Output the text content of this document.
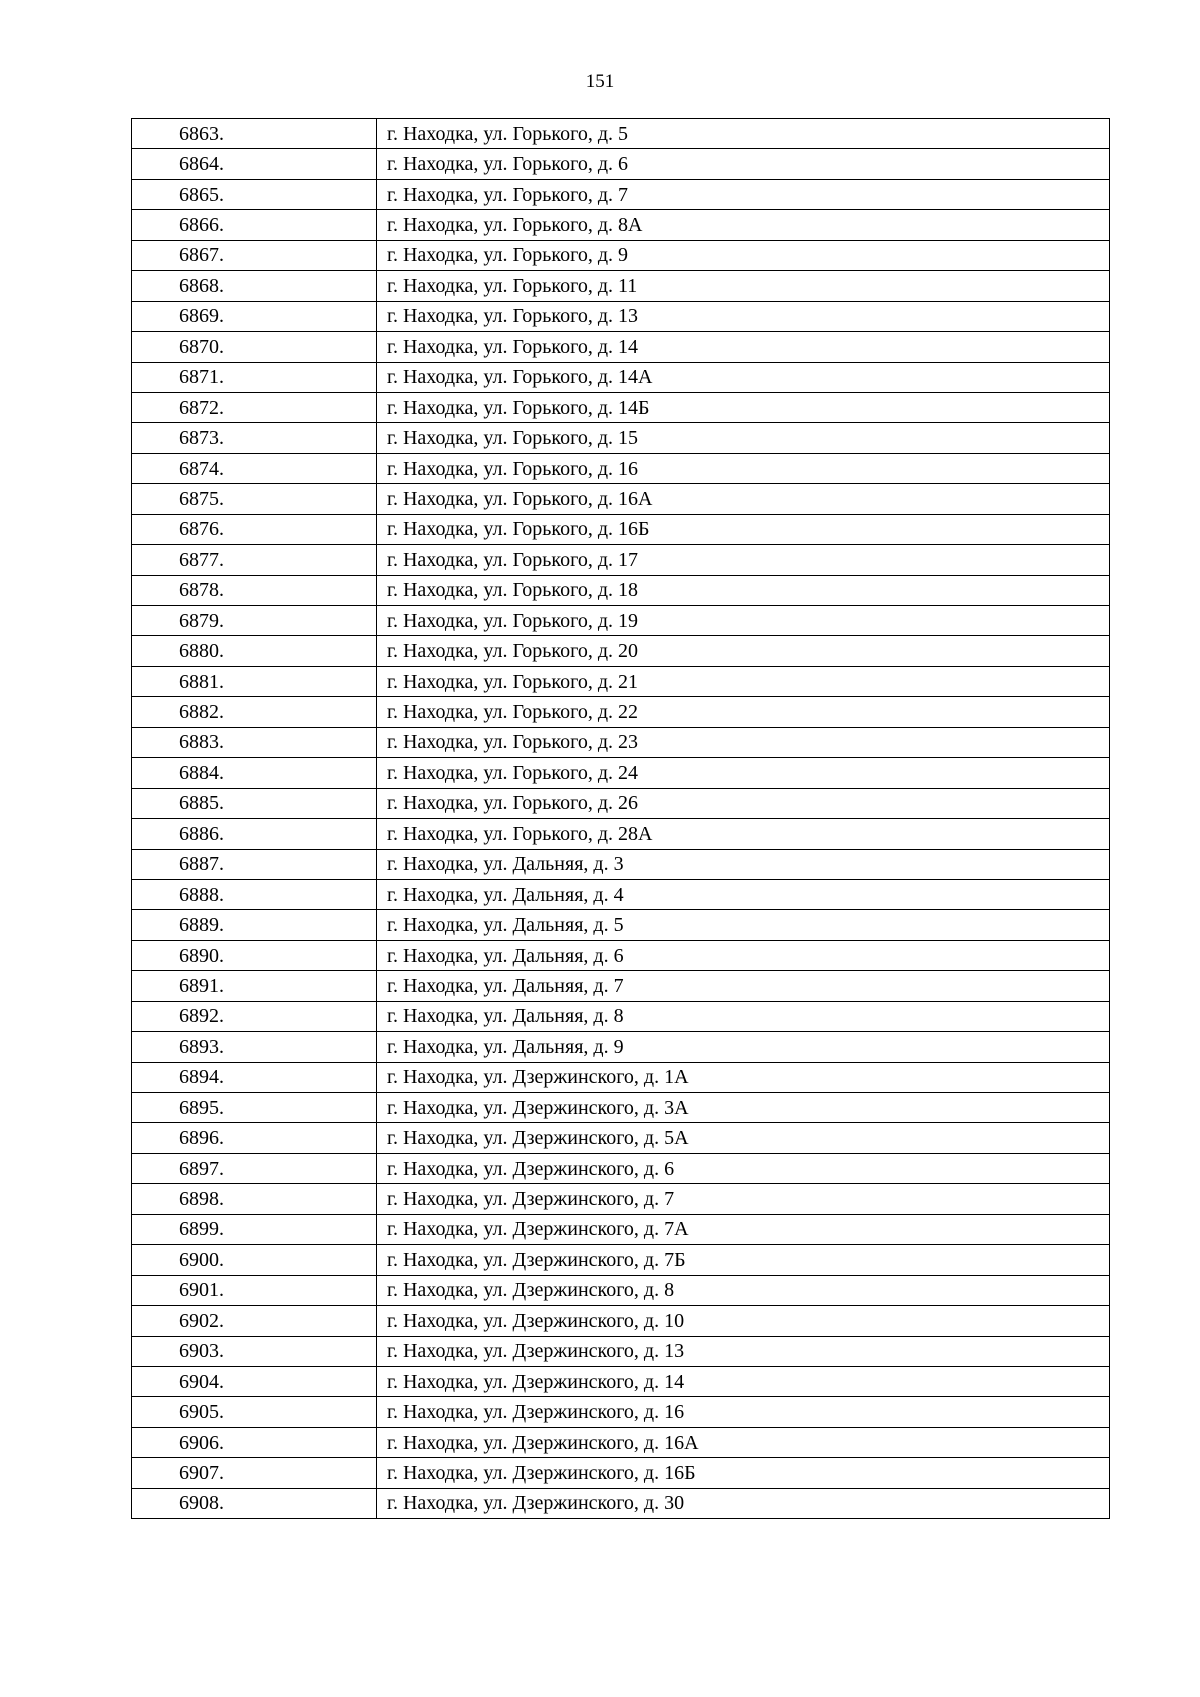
151
6863.	г. Находка, ул. Горького, д. 5
6864.	г. Находка, ул. Горького, д. 6
6865.	г. Находка, ул. Горького, д. 7
6866.	г. Находка, ул. Горького, д. 8А
6867.	г. Находка, ул. Горького, д. 9
6868.	г. Находка, ул. Горького, д. 11
6869.	г. Находка, ул. Горького, д. 13
6870.	г. Находка, ул. Горького, д. 14
6871.	г. Находка, ул. Горького, д. 14А
6872.	г. Находка, ул. Горького, д. 14Б
6873.	г. Находка, ул. Горького, д. 15
6874.	г. Находка, ул. Горького, д. 16
6875.	г. Находка, ул. Горького, д. 16А
6876.	г. Находка, ул. Горького, д. 16Б
6877.	г. Находка, ул. Горького, д. 17
6878.	г. Находка, ул. Горького, д. 18
6879.	г. Находка, ул. Горького, д. 19
6880.	г. Находка, ул. Горького, д. 20
6881.	г. Находка, ул. Горького, д. 21
6882.	г. Находка, ул. Горького, д. 22
6883.	г. Находка, ул. Горького, д. 23
6884.	г. Находка, ул. Горького, д. 24
6885.	г. Находка, ул. Горького, д. 26
6886.	г. Находка, ул. Горького, д. 28А
6887.	г. Находка, ул. Дальняя, д. 3
6888.	г. Находка, ул. Дальняя, д. 4
6889.	г. Находка, ул. Дальняя, д. 5
6890.	г. Находка, ул. Дальняя, д. 6
6891.	г. Находка, ул. Дальняя, д. 7
6892.	г. Находка, ул. Дальняя, д. 8
6893.	г. Находка, ул. Дальняя, д. 9
6894.	г. Находка, ул. Дзержинского, д. 1А
6895.	г. Находка, ул. Дзержинского, д. 3А
6896.	г. Находка, ул. Дзержинского, д. 5А
6897.	г. Находка, ул. Дзержинского, д. 6
6898.	г. Находка, ул. Дзержинского, д. 7
6899.	г. Находка, ул. Дзержинского, д. 7А
6900.	г. Находка, ул. Дзержинского, д. 7Б
6901.	г. Находка, ул. Дзержинского, д. 8
6902.	г. Находка, ул. Дзержинского, д. 10
6903.	г. Находка, ул. Дзержинского, д. 13
6904.	г. Находка, ул. Дзержинского, д. 14
6905.	г. Находка, ул. Дзержинского, д. 16
6906.	г. Находка, ул. Дзержинского, д. 16А
6907.	г. Находка, ул. Дзержинского, д. 16Б
6908.	г. Находка, ул. Дзержинского, д. 30
